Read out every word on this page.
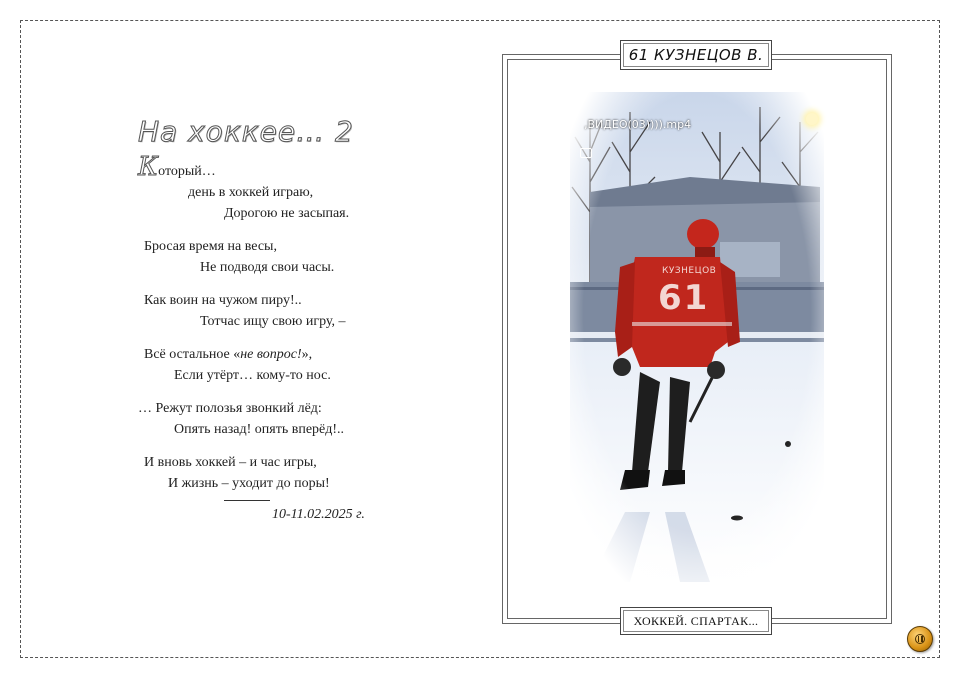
На хоккее… 2
Который…
день в хоккей играю,
Дорогою не засыпая.
Бросая время на весы,
Не подводя свои часы.
Как воин на чужом пиру!..
Тотчас ищу свою игру, –
Всё остальное «не вопрос!»,
Если утёрт… кому-то нос.
… Режут полозья звонкий лёд:
Опять назад! опять вперёд!..
И вновь хоккей – и час игры,
И жизнь – уходит до поры!
10-11.02.2025 г.
КУЗНЕЦОВ
61
‚ВИДЕО(03)))).mp4
61 КУЗНЕЦОВ В.
ХОККЕЙ. СПАРТАК...
